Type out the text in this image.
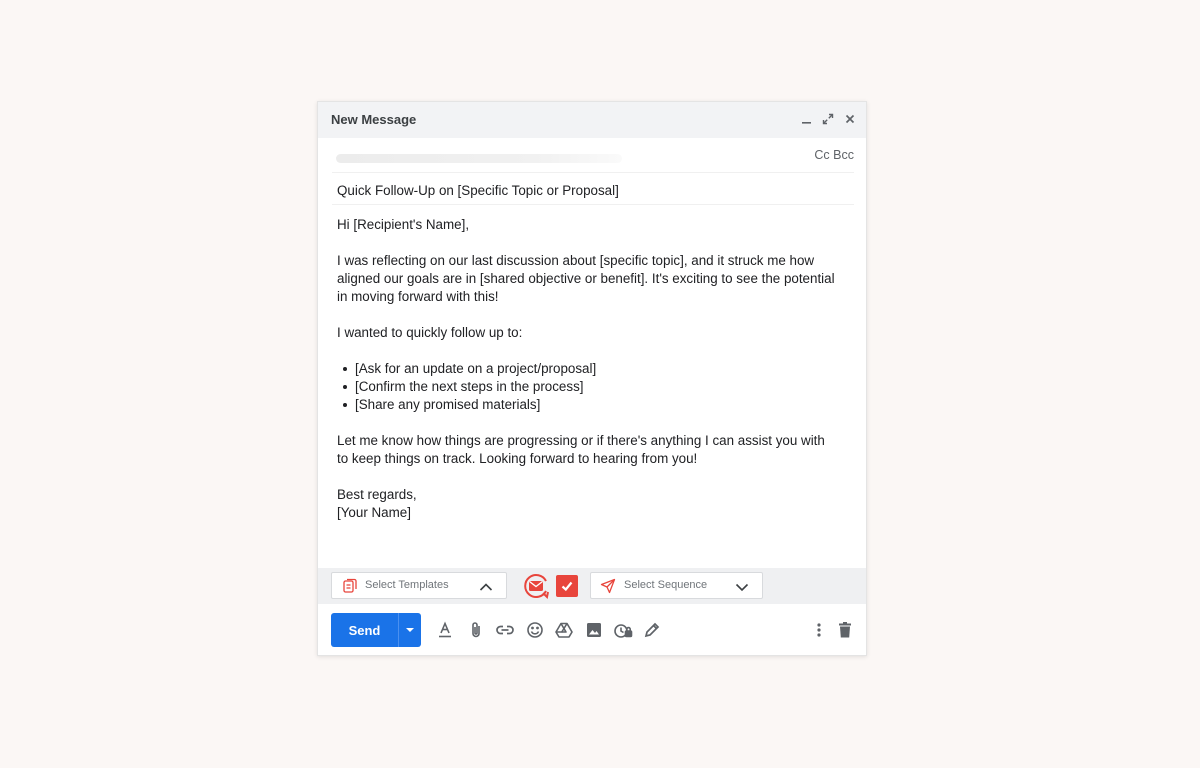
New Message
Cc Bcc
Quick Follow-Up on [Specific Topic or Proposal]

Hi [Recipient's Name],

I was reflecting on our last discussion about [specific topic], and it struck me how aligned our goals are in [shared objective or benefit]. It's exciting to see the potential in moving forward with this!

I wanted to quickly follow up to:

[Ask for an update on a project/proposal]
[Confirm the next steps in the process]
[Share any promised materials]

Let me know how things are progressing or if there's anything I can assist you with to keep things on track. Looking forward to hearing from you!

Best regards,

[Your Name]

Select Templates	Select Sequence
Send
